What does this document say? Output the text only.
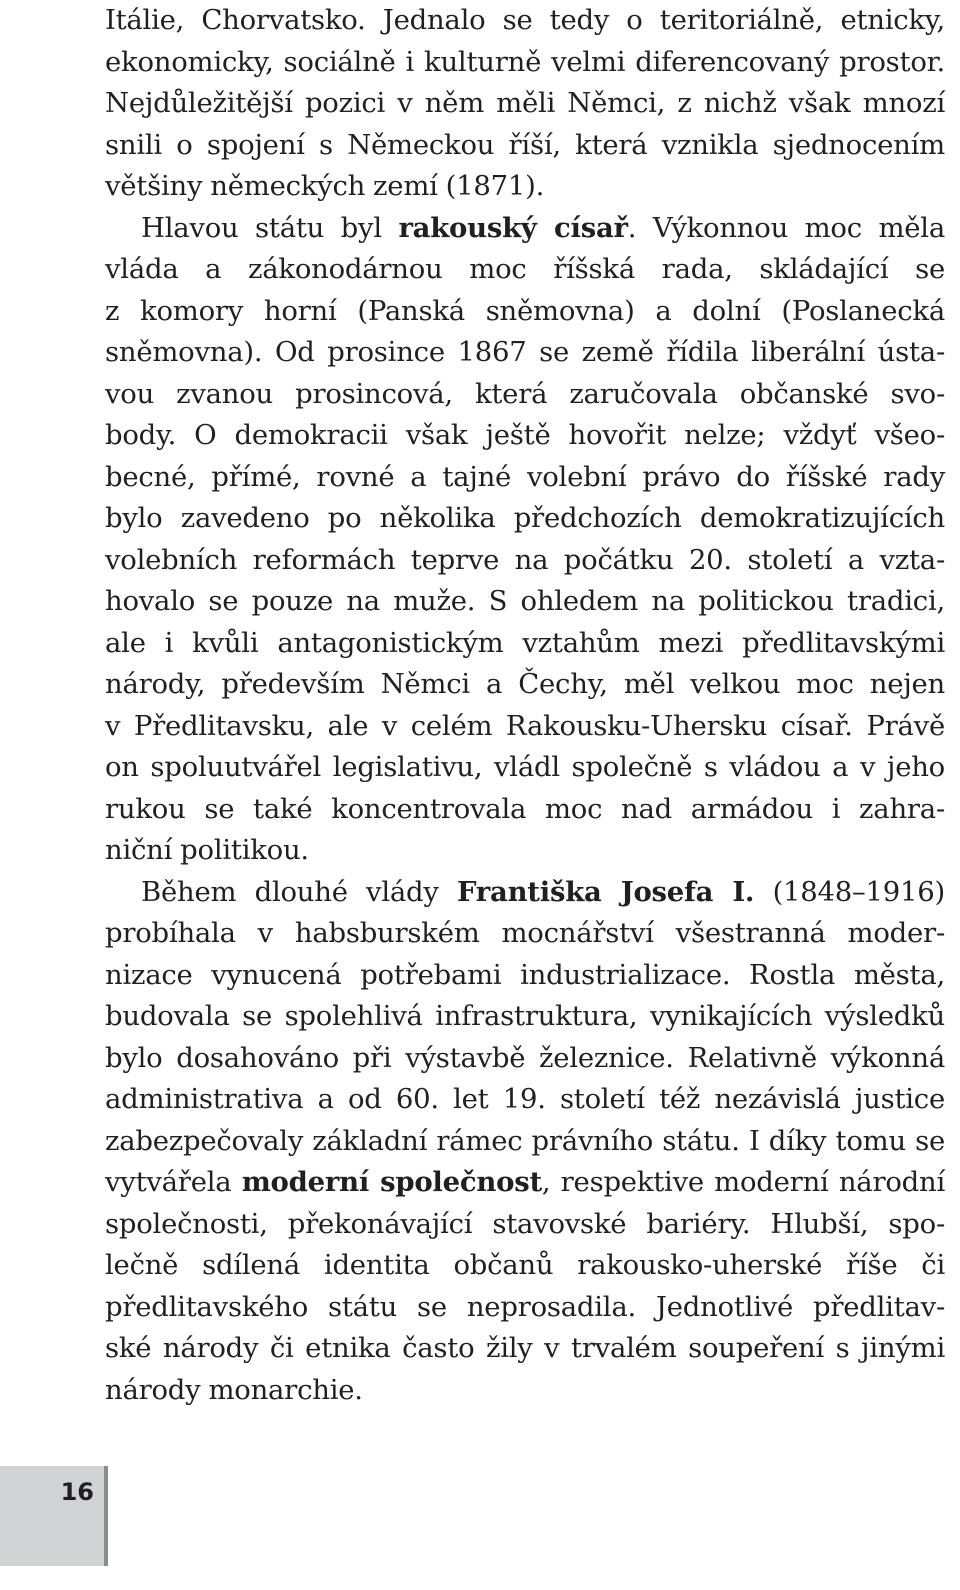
Itálie, Chorvatsko. Jednalo se tedy o teritoriálně, etnicky,
ekonomicky, sociálně i kulturně velmi diferencovaný prostor.
Nejdůležitější pozici v něm měli Němci, z nichž však mnozí
snili o spojení s Německou říší, která vznikla sjednocením
většiny německých zemí (1871).
Hlavou státu byl rakouský císař. Výkonnou moc měla
vláda a zákonodárnou moc říšská rada, skládající se
z komory horní (Panská sněmovna) a dolní (Poslanecká
sněmovna). Od prosince 1867 se země řídila liberální ústa-
vou zvanou prosincová, která zaručovala občanské svo-
body. O demokracii však ještě hovořit nelze; vždyť všeo-
becné, přímé, rovné a tajné volební právo do říšské rady
bylo zavedeno po několika předchozích demokratizujících
volebních reformách teprve na počátku 20. století a vzta-
hovalo se pouze na muže. S ohledem na politickou tradici,
ale i kvůli antagonistickým vztahům mezi předlitavskými
národy, především Němci a Čechy, měl velkou moc nejen
v Předlitavsku, ale v celém Rakousku-Uhersku císař. Právě
on spoluutvářel legislativu, vládl společně s vládou a v jeho
rukou se také koncentrovala moc nad armádou i zahra-
niční politikou.
Během dlouhé vlády Františka Josefa I. (1848–1916)
probíhala v habsburském mocnářství všestranná moder-
nizace vynucená potřebami industrializace. Rostla města,
budovala se spolehlivá infrastruktura, vynikajících výsledků
bylo dosahováno při výstavbě železnice. Relativně výkonná
administrativa a od 60. let 19. století též nezávislá justice
zabezpečovaly základní rámec právního státu. I díky tomu se
vytvářela moderní společnost, respektive moderní národní
společnosti, překonávající stavovské bariéry. Hlubší, spo-
lečně sdílená identita občanů rakousko-uherské říše či
předlitavského státu se neprosadila. Jednotlivé předlitav-
ské národy či etnika často žily v trvalém soupeření s jinými
národy monarchie.
16
